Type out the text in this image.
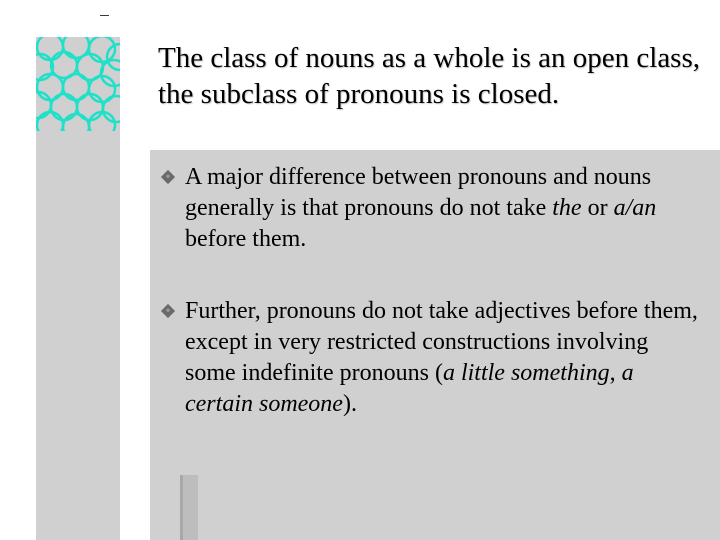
The class of nouns as a whole is an open class, the subclass of pronouns is closed.
A major difference between pronouns and nouns generally is that pronouns do not take the or a/an before them.
Further, pronouns do not take adjectives before them, except in very restricted constructions involving some indefinite pronouns (a little something, a certain someone).
